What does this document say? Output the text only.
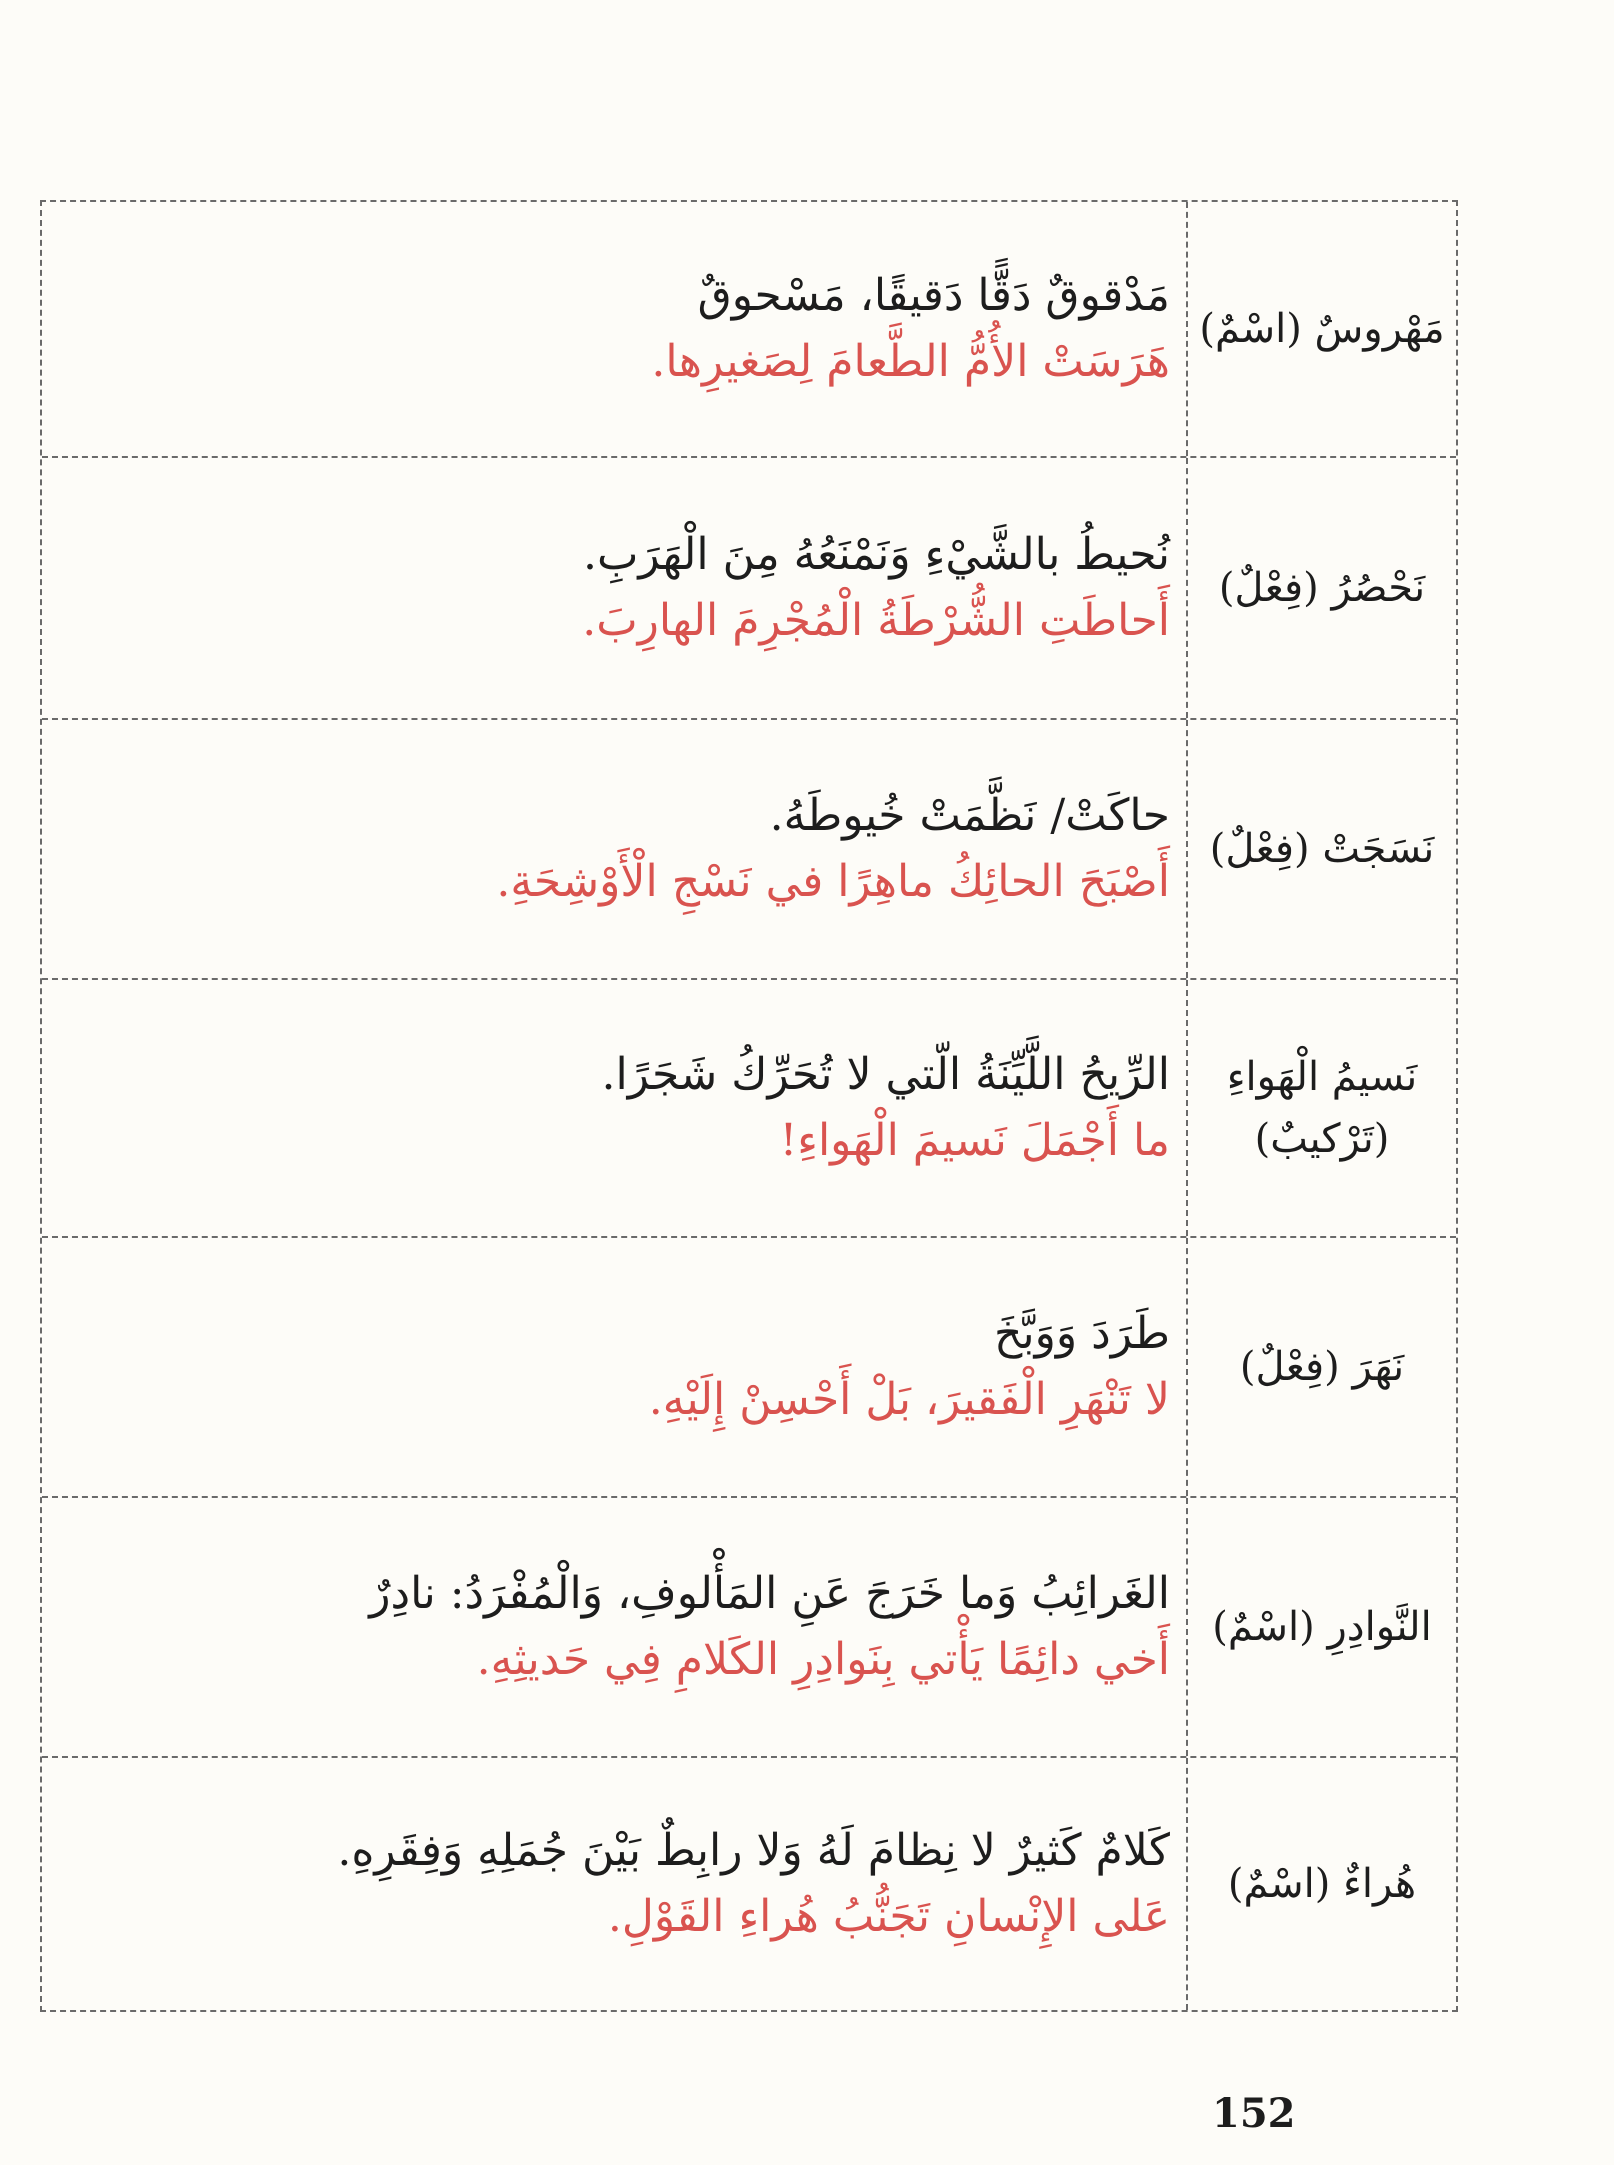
مَهْروسٌ (اسْمٌ)
مَدْقوقٌ دَقًّا دَقيقًا، مَسْحوقٌ
هَرَسَتْ الأُمُّ الطَّعامَ لِصَغيرِها.
نَحْصُرُ (فِعْلٌ)
نُحيطُ بالشَّيْءِ وَنَمْنَعُهُ مِنَ الْهَرَبِ.
أَحاطَتِ الشُّرْطَةُ الْمُجْرِمَ الهارِبَ.
نَسَجَتْ (فِعْلٌ)
حاكَتْ/ نَظَّمَتْ خُيوطَهُ.
أَصْبَحَ الحائِكُ ماهِرًا في نَسْجِ الْأَوْشِحَةِ.
نَسيمُ الْهَواءِ
(تَرْكيبٌ)
الرِّيحُ اللَّيِّنَةُ الّتي لا تُحَرِّكُ شَجَرًا.
ما أَجْمَلَ نَسيمَ الْهَواءِ!
نَهَرَ (فِعْلٌ)
طَرَدَ وَوَبَّخَ
لا تَنْهَرِ الْفَقيرَ، بَلْ أَحْسِنْ إِلَيْهِ.
النَّوادِرِ (اسْمٌ)
الغَرائِبُ وَما خَرَجَ عَنِ المَأْلوفِ، وَالْمُفْرَدُ: نادِرٌ
أَخي دائِمًا يَأْتي بِنَوادِرِ الكَلامِ فِي حَديثِهِ.
هُراءٌ (اسْمٌ)
كَلامٌ كَثيرٌ لا نِظامَ لَهُ وَلا رابِطٌ بَيْنَ جُمَلِهِ وَفِقَرِهِ.
عَلى الإِنْسانِ تَجَنُّبُ هُراءِ القَوْلِ.
152
